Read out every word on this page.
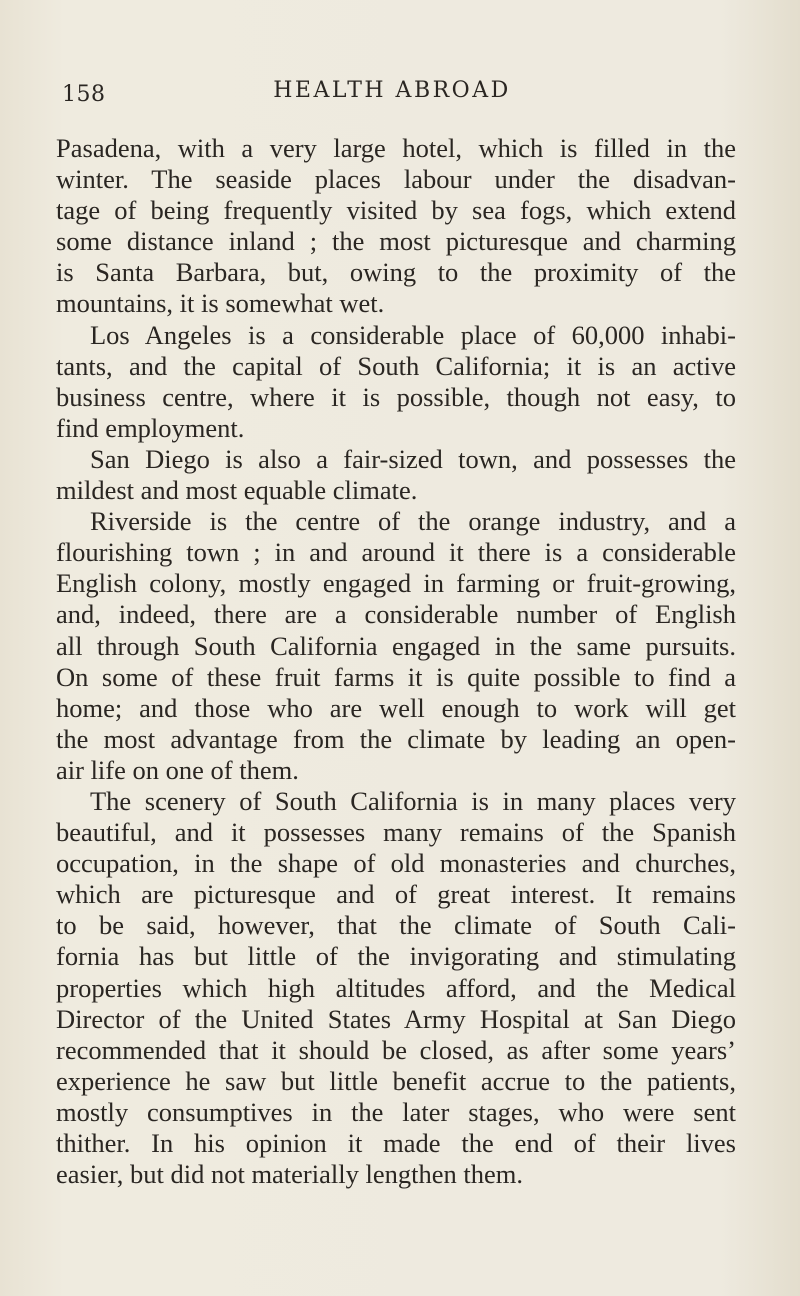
158	HEALTH ABROAD
Pasadena, with a very large hotel, which is filled in the
winter. The seaside places labour under the disadvan-
tage of being frequently visited by sea fogs, which extend
some distance inland ; the most picturesque and charming
is Santa Barbara, but, owing to the proximity of the
mountains, it is somewhat wet.
Los Angeles is a considerable place of 60,000 inhabi-
tants, and the capital of South California; it is an active
business centre, where it is possible, though not easy, to
find employment.
San Diego is also a fair-sized town, and possesses the
mildest and most equable climate.
Riverside is the centre of the orange industry, and a
flourishing town ; in and around it there is a considerable
English colony, mostly engaged in farming or fruit-growing,
and, indeed, there are a considerable number of English
all through South California engaged in the same pursuits.
On some of these fruit farms it is quite possible to find a
home; and those who are well enough to work will get
the most advantage from the climate by leading an open-
air life on one of them.
The scenery of South California is in many places very
beautiful, and it possesses many remains of the Spanish
occupation, in the shape of old monasteries and churches,
which are picturesque and of great interest. It remains
to be said, however, that the climate of South Cali-
fornia has but little of the invigorating and stimulating
properties which high altitudes afford, and the Medical
Director of the United States Army Hospital at San Diego
recommended that it should be closed, as after some years’
experience he saw but little benefit accrue to the patients,
mostly consumptives in the later stages, who were sent
thither. In his opinion it made the end of their lives
easier, but did not materially lengthen them.
